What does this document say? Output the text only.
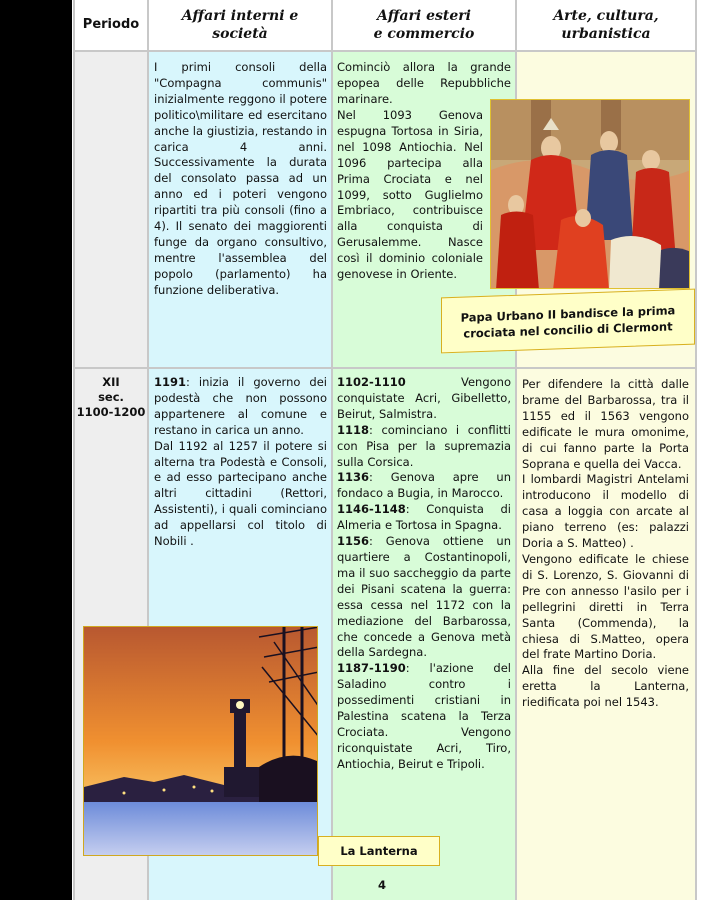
Periodo
Affari interni e
società
Affari esteri
e commercio
Arte, cultura,
urbanistica

I primi consoli della "Compagna communis" inizialmente reggono il potere politico\militare ed esercitano anche la giustizia, restando in carica 4 anni. Successivamente la durata del consolato passa ad un anno ed i poteri vengono ripartiti tra più consoli (fino a 4). Il senato dei maggiorenti funge da organo consultivo, mentre l'assemblea del popolo (parlamento) ha funzione deliberativa.

Cominciò allora la grande epopea delle Repubbliche marinare.

Nel 1093 Genova espugna Tortosa in Siria, nel 1098 Antiochia. Nel 1096 partecipa alla Prima Crociata e nel 1099, sotto Guglielmo Embriaco, contribuisce alla conquista di Gerusalemme. Nasce così il dominio coloniale genovese in Oriente.

Papa Urbano II bandisce la prima crociata nel concilio di Clermont
XII
sec.
1100-1200

1191: inizia il governo dei podestà che non possono appartenere al comune e restano in carica un anno.

Dal 1192 al 1257 il potere si alterna tra Podestà e Consoli, e ad esso partecipano anche altri cittadini (Rettori, Assistenti), i quali cominciano ad appellarsi col titolo di Nobili .

1102-1110 Vengono conquistate Acri, Gibelletto, Beirut, Salmistra.

1118: cominciano i conflitti con Pisa per la supremazia sulla Corsica.

1136: Genova apre un fondaco a Bugia, in Marocco.

1146-1148: Conquista di Almeria e Tortosa in Spagna.

1156: Genova ottiene un quartiere a Costantinopoli, ma il suo saccheggio da parte dei Pisani scatena la guerra: essa cessa nel 1172 con la mediazione del Barbarossa, che concede a Genova metà della Sardegna.

1187-1190: l'azione del Saladino contro i possedimenti cristiani in Palestina scatena la Terza Crociata. Vengono riconquistate Acri, Tiro, Antiochia, Beirut e Tripoli.

La Lanterna

Per difendere la città dalle brame del Barbarossa, tra il 1155 ed il 1563 vengono edificate le mura omonime, di cui fanno parte la Porta Soprana e quella dei Vacca.

I lombardi Magistri Antelami introducono il modello di casa a loggia con arcate al piano terreno (es: palazzi Doria a S. Matteo) .

Vengono edificate le chiese di S. Lorenzo, S. Giovanni di Pre con annesso l'asilo per i pellegrini diretti in Terra Santa (Commenda), la chiesa di S.Matteo, opera del frate Martino Doria.

Alla fine del secolo viene eretta la Lanterna, riedificata poi nel 1543.

4
